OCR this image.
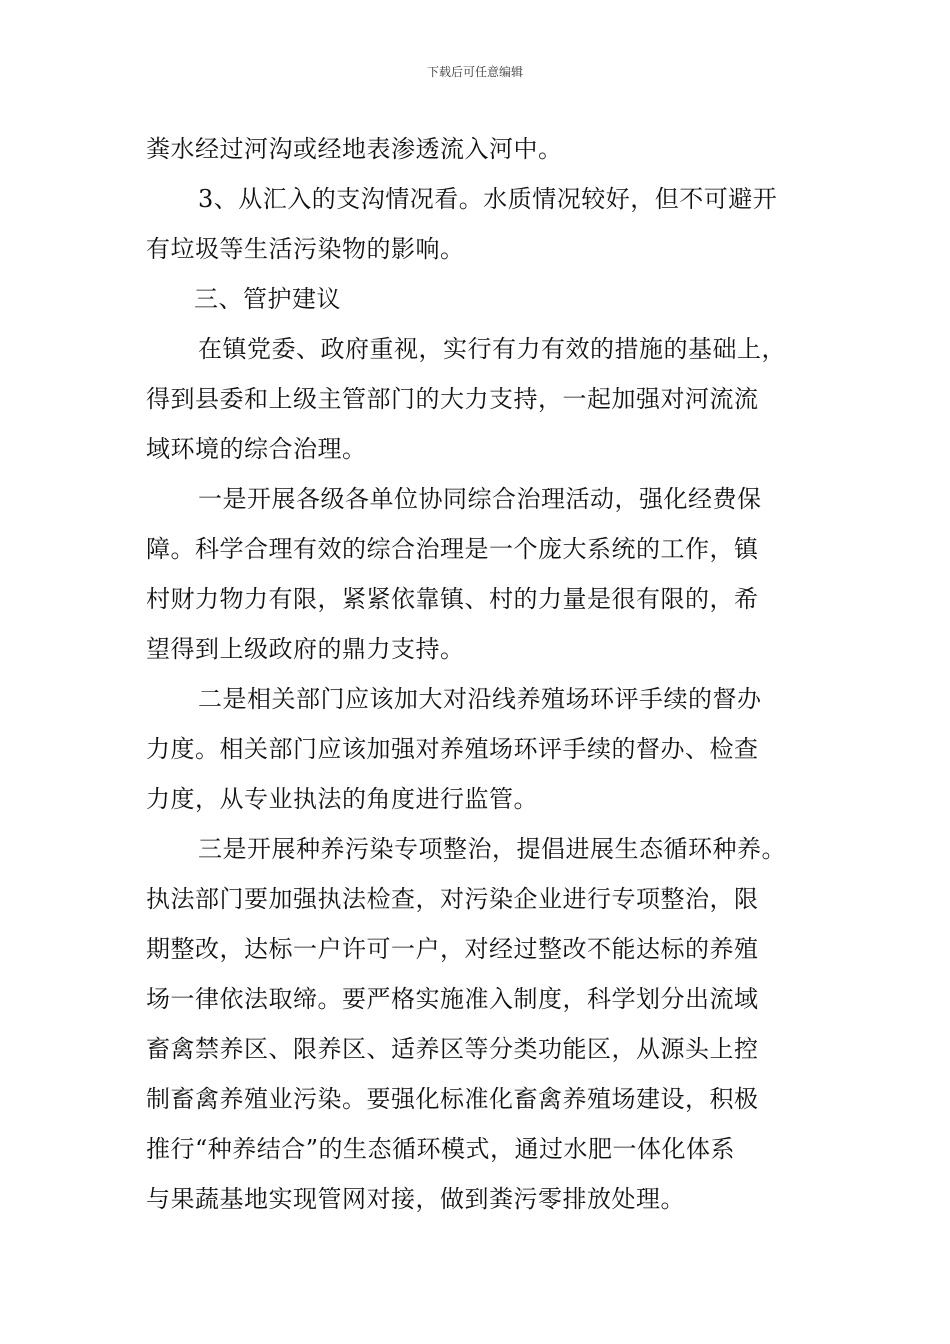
下载后可任意编辑
粪水经过河沟或经地表渗透流入河中。
3、从汇入的支沟情况看。水质情况较好，但不可避开
有垃圾等生活污染物的影响。
三、管护建议
在镇党委、政府重视，实行有力有效的措施的基础上，
得到县委和上级主管部门的大力支持，一起加强对河流流
域环境的综合治理。
一是开展各级各单位协同综合治理活动，强化经费保
障。科学合理有效的综合治理是一个庞大系统的工作，镇
村财力物力有限，紧紧依靠镇、村的力量是很有限的，希
望得到上级政府的鼎力支持。
二是相关部门应该加大对沿线养殖场环评手续的督办
力度。相关部门应该加强对养殖场环评手续的督办、检查
力度，从专业执法的角度进行监管。
三是开展种养污染专项整治，提倡进展生态循环种养。
执法部门要加强执法检查，对污染企业进行专项整治，限
期整改，达标一户许可一户，对经过整改不能达标的养殖
场一律依法取缔。要严格实施准入制度，科学划分出流域
畜禽禁养区、限养区、适养区等分类功能区，从源头上控
制畜禽养殖业污染。要强化标准化畜禽养殖场建设，积极
推行“种养结合”的生态循环模式，通过水肥一体化体系
与果蔬基地实现管网对接，做到粪污零排放处理。
